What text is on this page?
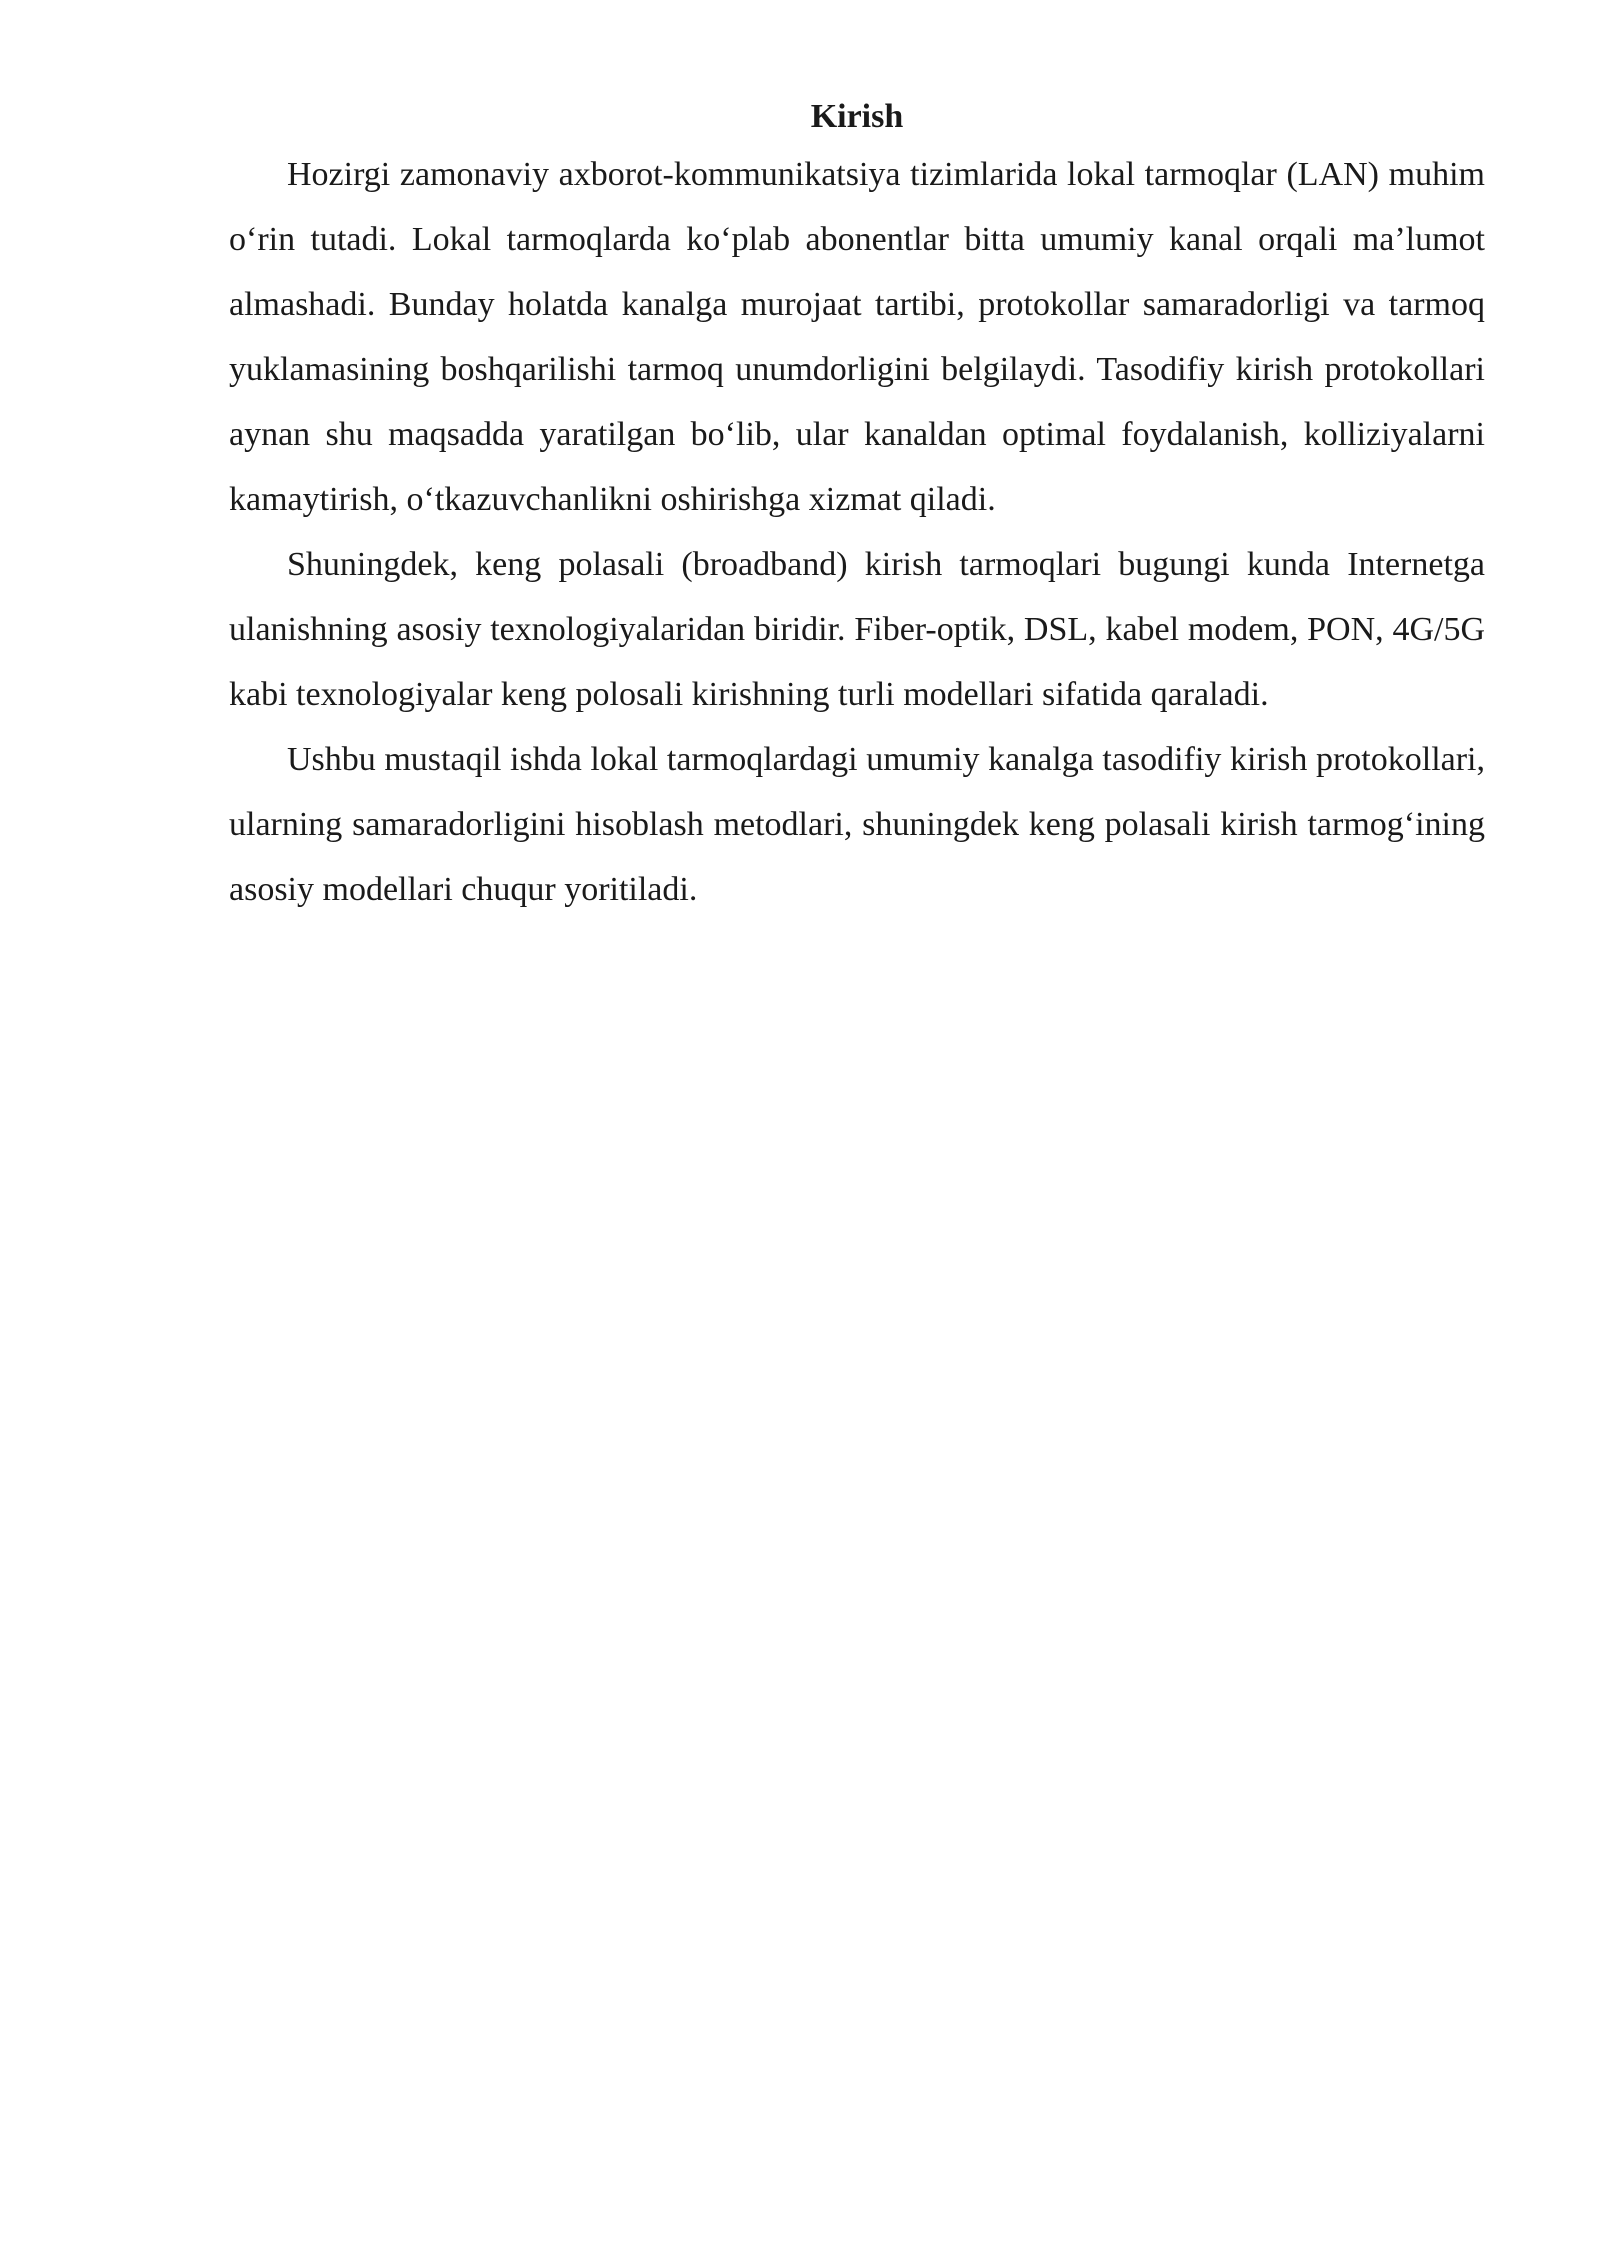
Kirish

Hozirgi zamonaviy axborot-kommunikatsiya tizimlarida lokal tarmoqlar (LAN) muhim o‘rin tutadi. Lokal tarmoqlarda ko‘plab abonentlar bitta umumiy kanal orqali ma’lumot almashadi. Bunday holatda kanalga murojaat tartibi, protokollar samaradorligi va tarmoq yuklamasining boshqarilishi tarmoq unumdorligini belgilaydi. Tasodifiy kirish protokollari aynan shu maqsadda yaratilgan bo‘lib, ular kanaldan optimal foydalanish, kolliziyalarni kamaytirish, o‘tkazuvchanlikni oshirishga xizmat qiladi.

Shuningdek, keng polasali (broadband) kirish tarmoqlari bugungi kunda Internetga ulanishning asosiy texnologiyalaridan biridir. Fiber-optik, DSL, kabel modem, PON, 4G/5G kabi texnologiyalar keng polosali kirishning turli modellari sifatida qaraladi.

Ushbu mustaqil ishda lokal tarmoqlardagi umumiy kanalga tasodifiy kirish protokollari, ularning samaradorligini hisoblash metodlari, shuningdek keng polasali kirish tarmog‘ining asosiy modellari chuqur yoritiladi.
